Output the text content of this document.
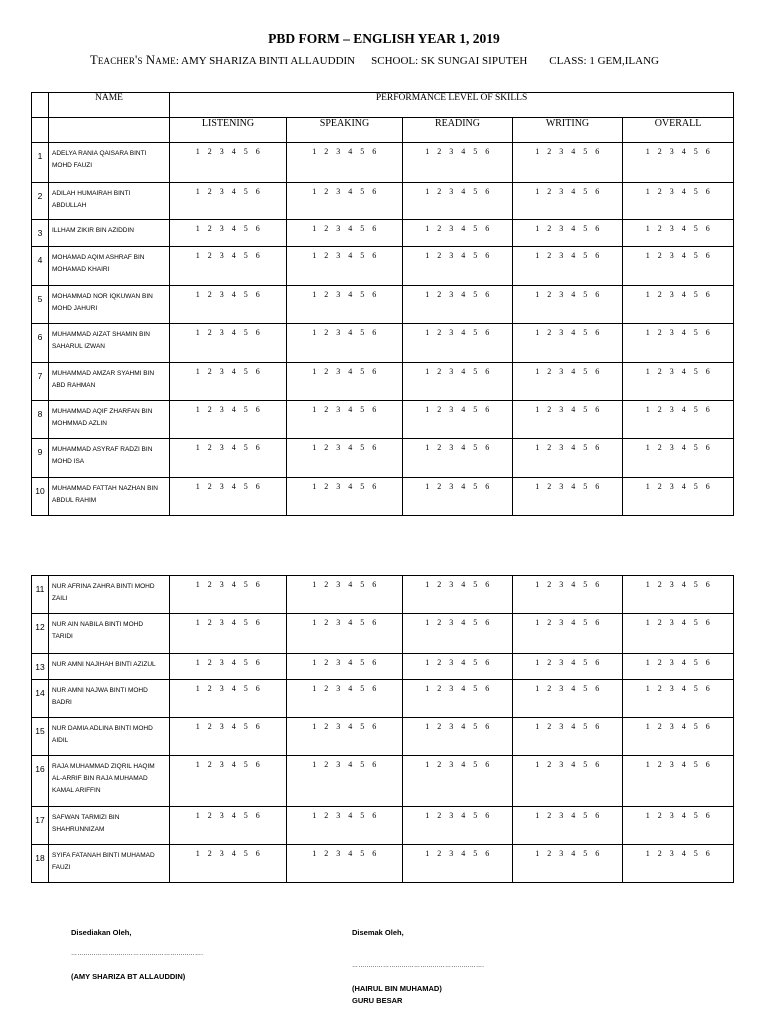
PBD FORM – ENGLISH YEAR 1, 2019
Teacher's Name: AMY SHARIZA BINTI ALLAUDDIN SCHOOL: SK SUNGAI SIPUTEH CLASS: 1 GEM,ILANG
	NAME	PERFORMANCE LEVEL OF SKILLS				
		LISTENING	SPEAKING	READING	WRITING	OVERALL
1	ADELYA RANIA QAISARA BINTI MOHD FAUZI	1 2 3 4 5 6	1 2 3 4 5 6	1 2 3 4 5 6	1 2 3 4 5 6	1 2 3 4 5 6
2	ADILAH HUMAIRAH BINTI ABDULLAH	1 2 3 4 5 6	1 2 3 4 5 6	1 2 3 4 5 6	1 2 3 4 5 6	1 2 3 4 5 6
3	ILLHAM ZIKIR BIN AZIDDIN	1 2 3 4 5 6	1 2 3 4 5 6	1 2 3 4 5 6	1 2 3 4 5 6	1 2 3 4 5 6
4	MOHAMAD AQIM ASHRAF BIN MOHAMAD KHAIRI	1 2 3 4 5 6	1 2 3 4 5 6	1 2 3 4 5 6	1 2 3 4 5 6	1 2 3 4 5 6
5	MOHAMMAD NOR IQKUWAN BIN MOHD JAHURI	1 2 3 4 5 6	1 2 3 4 5 6	1 2 3 4 5 6	1 2 3 4 5 6	1 2 3 4 5 6
6	MUHAMMAD AIZAT SHAMIN BIN SAHARUL IZWAN	1 2 3 4 5 6	1 2 3 4 5 6	1 2 3 4 5 6	1 2 3 4 5 6	1 2 3 4 5 6
7	MUHAMMAD AMZAR SYAHMI BIN ABD RAHMAN	1 2 3 4 5 6	1 2 3 4 5 6	1 2 3 4 5 6	1 2 3 4 5 6	1 2 3 4 5 6
8	MUHAMMAD AQIF ZHARFAN BIN MOHMMAD AZLIN	1 2 3 4 5 6	1 2 3 4 5 6	1 2 3 4 5 6	1 2 3 4 5 6	1 2 3 4 5 6
9	MUHAMMAD ASYRAF RADZI BIN MOHD ISA	1 2 3 4 5 6	1 2 3 4 5 6	1 2 3 4 5 6	1 2 3 4 5 6	1 2 3 4 5 6
10	MUHAMMAD FATTAH NAZHAN BIN ABDUL RAHIM	1 2 3 4 5 6	1 2 3 4 5 6	1 2 3 4 5 6	1 2 3 4 5 6	1 2 3 4 5 6
11	NUR AFRINA ZAHRA BINTI MOHD ZAILI	1 2 3 4 5 6	1 2 3 4 5 6	1 2 3 4 5 6	1 2 3 4 5 6	1 2 3 4 5 6
12	NUR AIN NABILA BINTI MOHD TARIDI	1 2 3 4 5 6	1 2 3 4 5 6	1 2 3 4 5 6	1 2 3 4 5 6	1 2 3 4 5 6
13	NUR AMNI NAJIHAH BINTI AZIZUL	1 2 3 4 5 6	1 2 3 4 5 6	1 2 3 4 5 6	1 2 3 4 5 6	1 2 3 4 5 6
14	NUR AMNI NAJWA BINTI MOHD BADRI	1 2 3 4 5 6	1 2 3 4 5 6	1 2 3 4 5 6	1 2 3 4 5 6	1 2 3 4 5 6
15	NUR DAMIA ADLINA BINTI MOHD AIDIL	1 2 3 4 5 6	1 2 3 4 5 6	1 2 3 4 5 6	1 2 3 4 5 6	1 2 3 4 5 6
16	RAJA MUHAMMAD ZIQRIL HAQIM AL-ARRIF BIN RAJA MUHAMAD KAMAL ARIFFIN	1 2 3 4 5 6	1 2 3 4 5 6	1 2 3 4 5 6	1 2 3 4 5 6	1 2 3 4 5 6
17	SAFWAN TARMIZI BIN SHAHRUNNIZAM	1 2 3 4 5 6	1 2 3 4 5 6	1 2 3 4 5 6	1 2 3 4 5 6	1 2 3 4 5 6
18	SYIFA FATANAH BINTI MUHAMAD FAUZI	1 2 3 4 5 6	1 2 3 4 5 6	1 2 3 4 5 6	1 2 3 4 5 6	1 2 3 4 5 6
Disediakan Oleh,
……………………………………………………….
(AMY SHARIZA BT ALLAUDDIN)
Disemak Oleh,
……………………………………………………….
(HAIRUL BIN MUHAMAD)
GURU BESAR
